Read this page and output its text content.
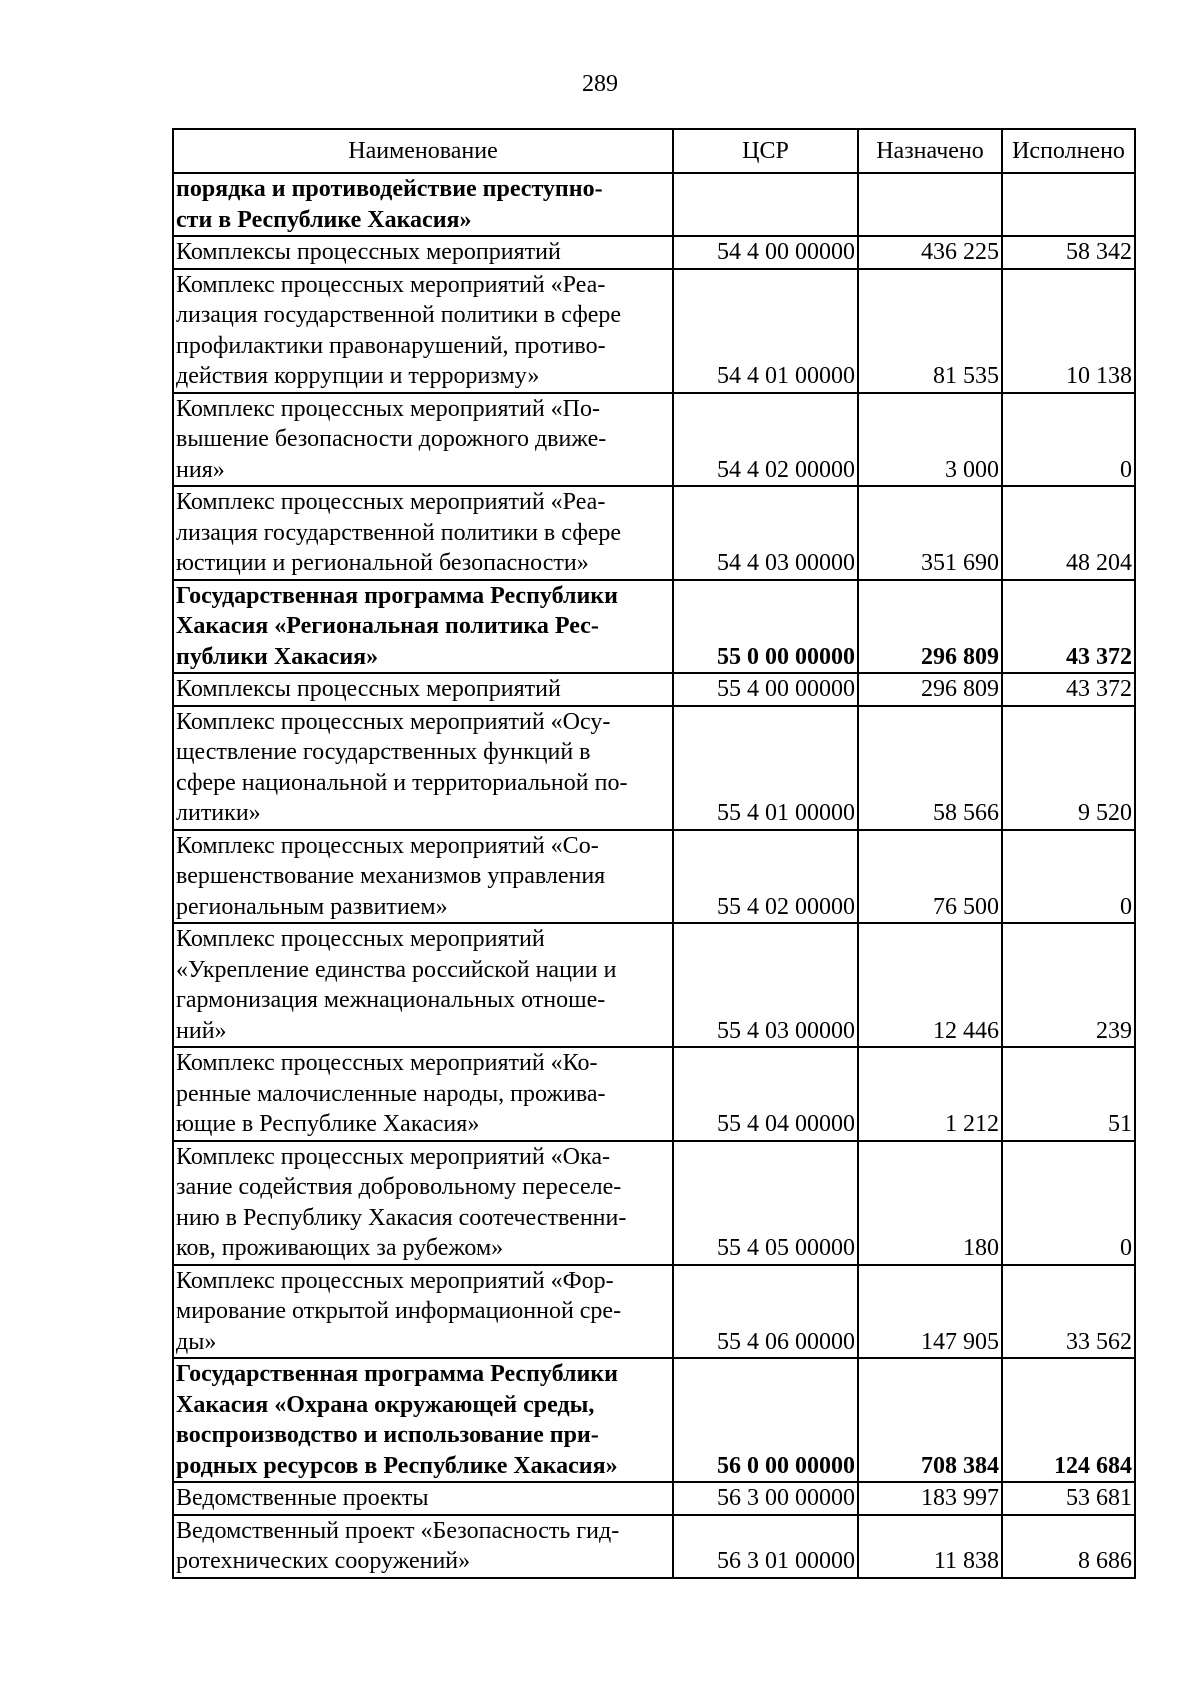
289
Наименование	ЦСР	Назначено	Исполнено
порядка и противодействие преступно-
сти в Республике Хакасия»			
Комплексы процессных мероприятий	54 4 00 00000	436 225	58 342
Комплекс процессных мероприятий «Реа-
лизация государственной политики в сфере
профилактики правонарушений, противо-
действия коррупции и терроризму»	54 4 01 00000	81 535	10 138
Комплекс процессных мероприятий «По-
вышение безопасности дорожного движе-
ния»	54 4 02 00000	3 000	0
Комплекс процессных мероприятий «Реа-
лизация государственной политики в сфере
юстиции и региональной безопасности»	54 4 03 00000	351 690	48 204
Государственная программа Республики
Хакасия «Региональная политика Рес-
публики Хакасия»	55 0 00 00000	296 809	43 372
Комплексы процессных мероприятий	55 4 00 00000	296 809	43 372
Комплекс процессных мероприятий «Осу-
ществление государственных функций в
сфере национальной и территориальной по-
литики»	55 4 01 00000	58 566	9 520
Комплекс процессных мероприятий «Со-
вершенствование механизмов управления
региональным развитием»	55 4 02 00000	76 500	0
Комплекс процессных мероприятий
«Укрепление единства российской нации и
гармонизация межнациональных отноше-
ний»	55 4 03 00000	12 446	239
Комплекс процессных мероприятий «Ко-
ренные малочисленные народы, прожива-
ющие в Республике Хакасия»	55 4 04 00000	1 212	51
Комплекс процессных мероприятий «Ока-
зание содействия добровольному переселе-
нию в Республику Хакасия соотечественни-
ков, проживающих за рубежом»	55 4 05 00000	180	0
Комплекс процессных мероприятий «Фор-
мирование открытой информационной сре-
ды»	55 4 06 00000	147 905	33 562
Государственная программа Республики
Хакасия «Охрана окружающей среды,
воспроизводство и использование при-
родных ресурсов в Республике Хакасия»	56 0 00 00000	708 384	124 684
Ведомственные проекты	56 3 00 00000	183 997	53 681
Ведомственный проект «Безопасность гид-
ротехнических сооружений»	56 3 01 00000	11 838	8 686
